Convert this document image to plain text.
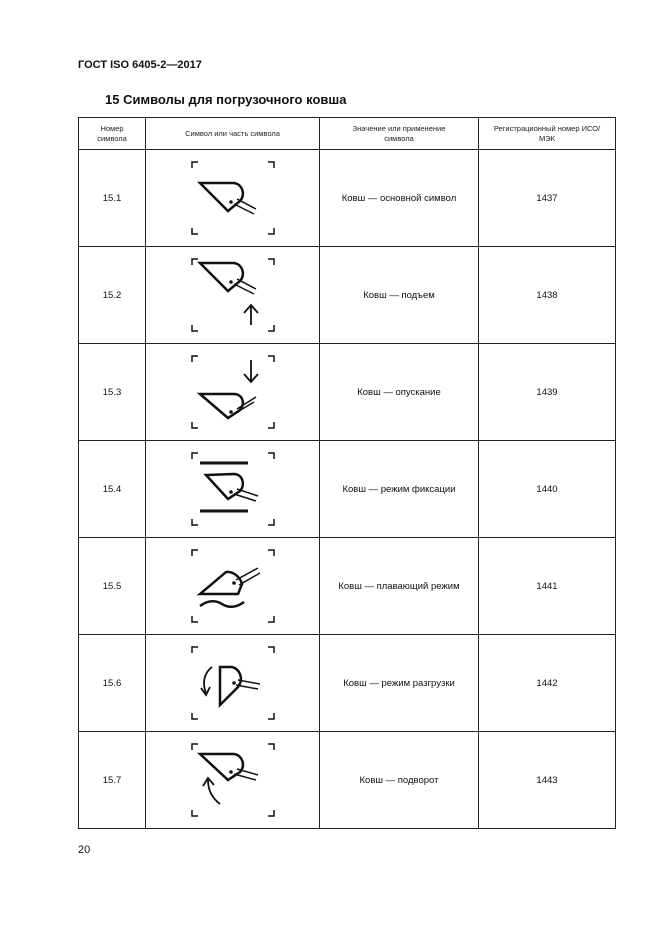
ГОСТ ISO 6405-2—2017
15 Символы для погрузочного ковша
Номер символа	Символ или часть символа	Значение или применение символа	Регистрационный номер ИСО/МЭК

15.1		Ковш — основной символ	1437
15.2		Ковш — подъем	1438
15.3		Ковш — опускание	1439
15.4		Ковш — режим фиксации	1440
15.5		Ковш — плавающий режим	1441
15.6		Ковш — режим разгрузки	1442
15.7		Ковш — подворот	1443
20
